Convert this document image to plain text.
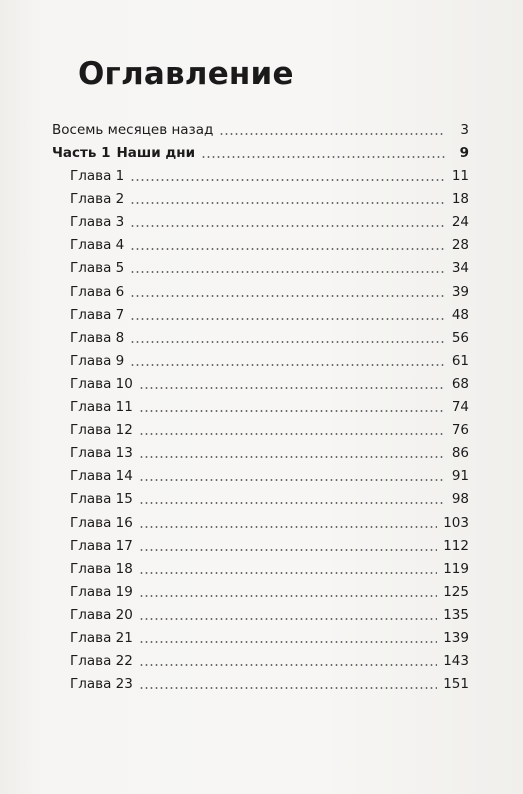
Оглавление
Восемь месяцев назад	3
Часть 1 Наши дни	9
Глава 1	11
Глава 2	18
Глава 3	24
Глава 4	28
Глава 5	34
Глава 6	39
Глава 7	48
Глава 8	56
Глава 9	61
Глава 10	68
Глава 11	74
Глава 12	76
Глава 13	86
Глава 14	91
Глава 15	98
Глава 16	103
Глава 17	112
Глава 18	119
Глава 19	125
Глава 20	135
Глава 21	139
Глава 22	143
Глава 23	151
